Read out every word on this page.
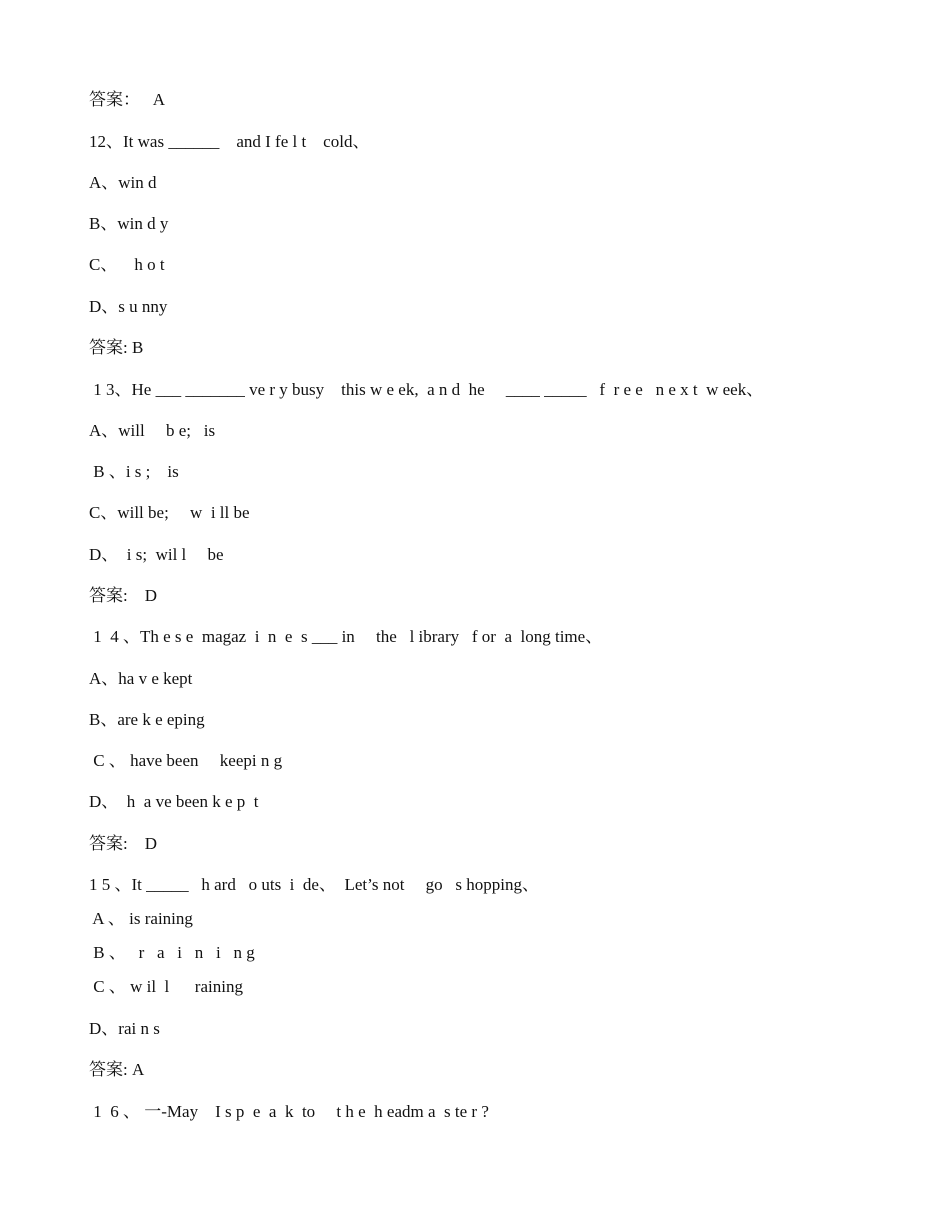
答案：   A
12、It was ______    and I fe l t    cold、
A、win d
B、win d y
C、    h o t
D、s u nny
答案: B
1 3、He ___ _______ ve r y busy    this w e ek,  a n d  he     ____ _____   f  r e e   n e x t  w eek、
A、will     b e;   is
B 、i s ;    is
C、will be;     w  i ll be
D、  i s;  wil l     be
答案:    D
1  4 、Th e s e  magaz  i  n  e  s ___ in     the   l ibrary   f or  a  long time、
A、ha v e kept
B、are k e eping
C 、 have been     keepi n g
D、  h  a ve been k e p  t
答案:    D
1 5 、It _____   h ard   o uts  i  de、  Let’s not     go   s hopping、
A 、 is raining
B 、   r   a   i   n   i   n g
C 、 w il  l      raining
D、rai n s
答案: A
1  6 、 一-May    I s p  e  a  k  to     t h e  h eadm a  s te r ?
